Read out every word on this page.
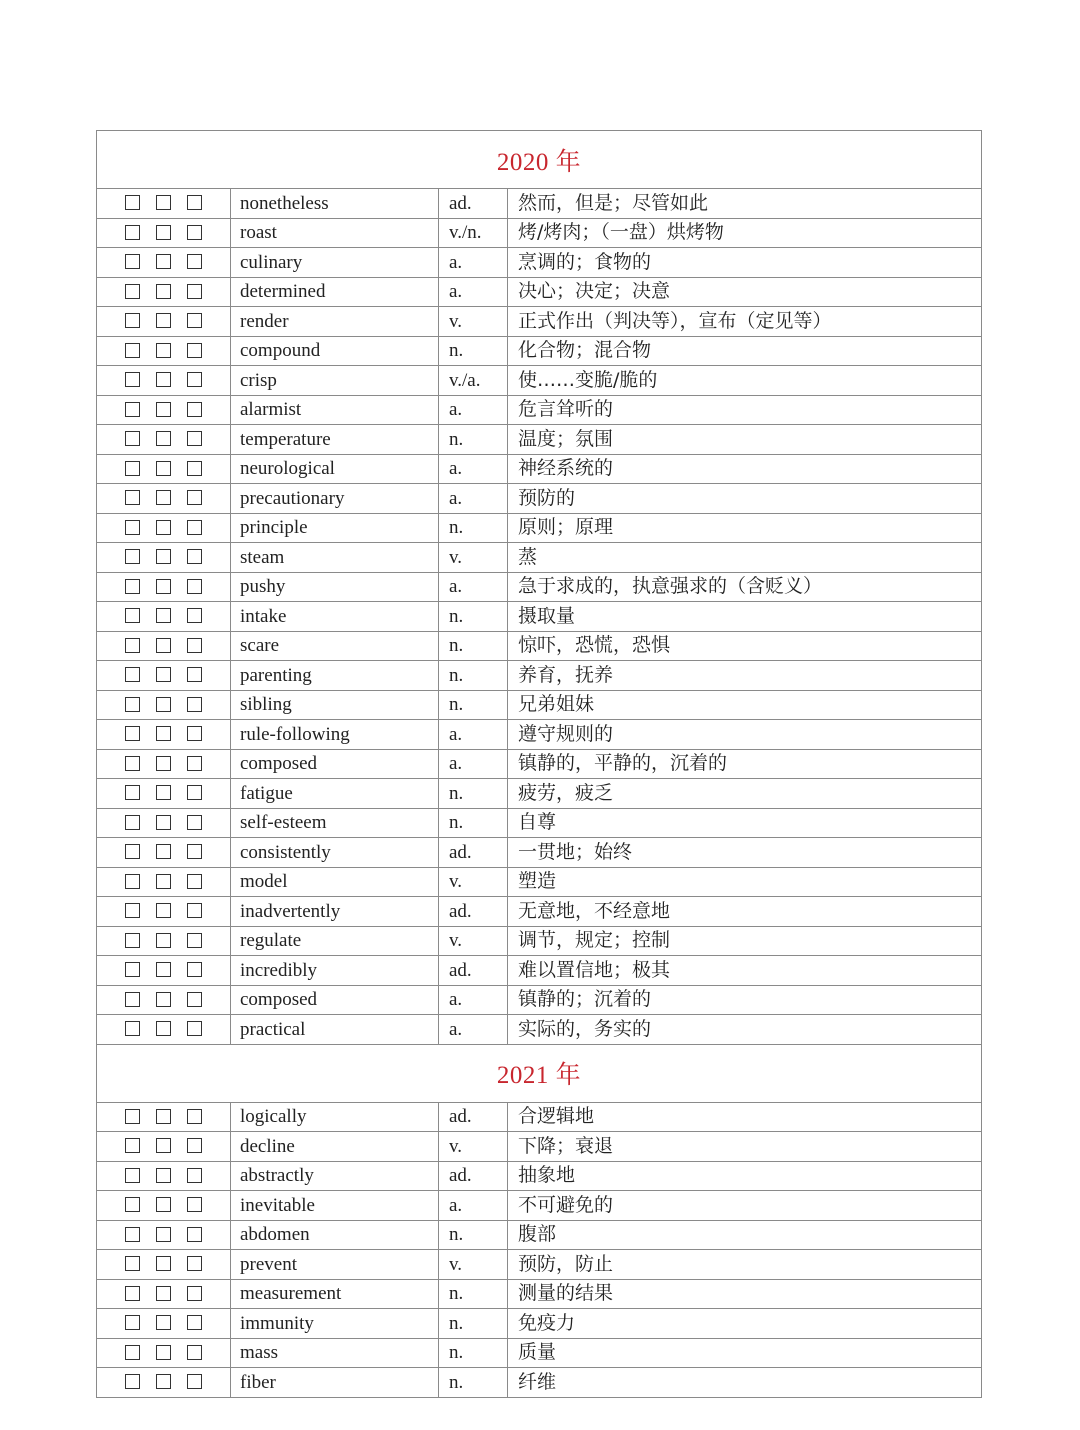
2020 年			
	nonetheless	ad.	然而，但是；尽管如此
	roast	v./n.	烤/烤肉；（一盘）烘烤物
	culinary	a.	烹调的；食物的
	determined	a.	决心；决定；决意
	render	v.	正式作出（判决等），宣布（定见等）
	compound	n.	化合物；混合物
	crisp	v./a.	使……变脆/脆的
	alarmist	a.	危言耸听的
	temperature	n.	温度；氛围
	neurological	a.	神经系统的
	precautionary	a.	预防的
	principle	n.	原则；原理
	steam	v.	蒸
	pushy	a.	急于求成的，执意强求的（含贬义）
	intake	n.	摄取量
	scare	n.	惊吓，恐慌，恐惧
	parenting	n.	养育，抚养
	sibling	n.	兄弟姐妹
	rule-following	a.	遵守规则的
	composed	a.	镇静的，平静的，沉着的
	fatigue	n.	疲劳，疲乏
	self-esteem	n.	自尊
	consistently	ad.	一贯地；始终
	model	v.	塑造
	inadvertently	ad.	无意地，不经意地
	regulate	v.	调节，规定；控制
	incredibly	ad.	难以置信地；极其
	composed	a.	镇静的；沉着的
	practical	a.	实际的，务实的
2021 年			
	logically	ad.	合逻辑地
	decline	v.	下降；衰退
	abstractly	ad.	抽象地
	inevitable	a.	不可避免的
	abdomen	n.	腹部
	prevent	v.	预防，防止
	measurement	n.	测量的结果
	immunity	n.	免疫力
	mass	n.	质量
	fiber	n.	纤维
